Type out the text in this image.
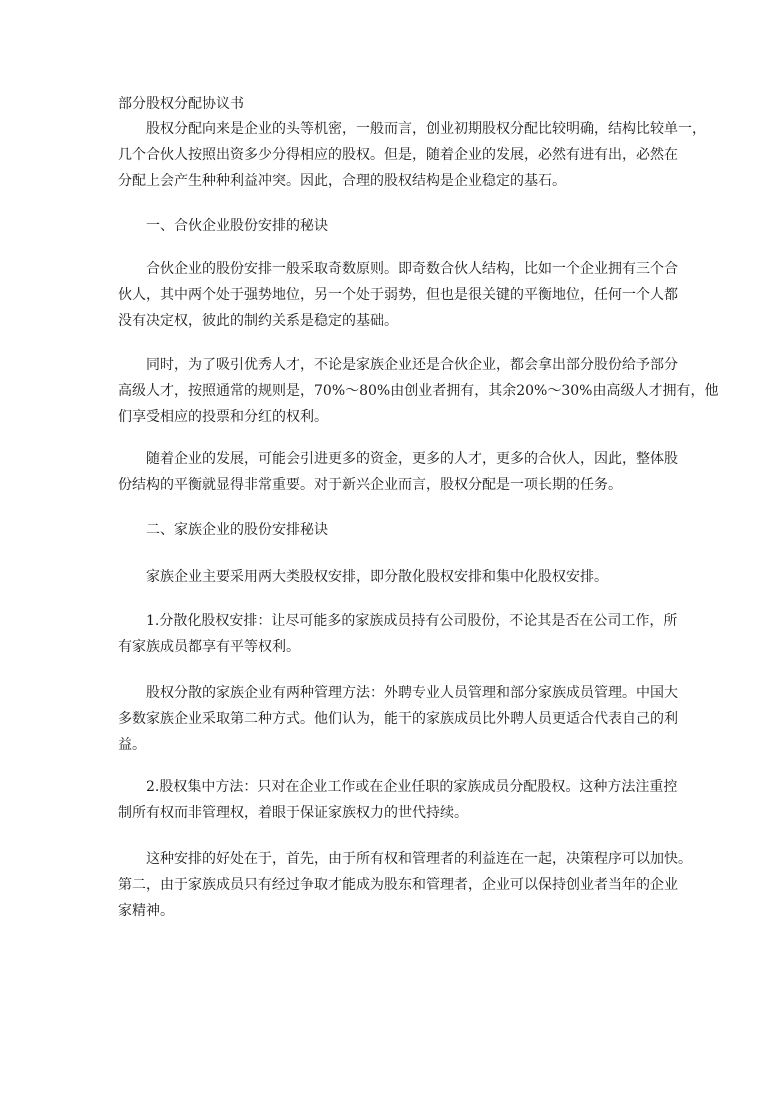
部分股权分配协议书
股权分配向来是企业的头等机密，一般而言，创业初期股权分配比较明确，结构比较单一，
几个合伙人按照出资多少分得相应的股权。但是，随着企业的发展，必然有进有出，必然在
分配上会产生种种利益冲突。因此，合理的股权结构是企业稳定的基石。
一、合伙企业股份安排的秘诀
合伙企业的股份安排一般采取奇数原则。即奇数合伙人结构，比如一个企业拥有三个合
伙人，其中两个处于强势地位，另一个处于弱势，但也是很关键的平衡地位，任何一个人都
没有决定权，彼此的制约关系是稳定的基础。
同时，为了吸引优秀人才，不论是家族企业还是合伙企业，都会拿出部分股份给予部分
高级人才，按照通常的规则是，70%～80%由创业者拥有，其余20%～30%由高级人才拥有，他
们享受相应的投票和分红的权利。
随着企业的发展，可能会引进更多的资金，更多的人才，更多的合伙人，因此，整体股
份结构的平衡就显得非常重要。对于新兴企业而言，股权分配是一项长期的任务。
二、家族企业的股份安排秘诀
家族企业主要采用两大类股权安排，即分散化股权安排和集中化股权安排。
1.分散化股权安排：让尽可能多的家族成员持有公司股份，不论其是否在公司工作，所
有家族成员都享有平等权利。
股权分散的家族企业有两种管理方法：外聘专业人员管理和部分家族成员管理。中国大
多数家族企业采取第二种方式。他们认为，能干的家族成员比外聘人员更适合代表自己的利
益。
2.股权集中方法：只对在企业工作或在企业任职的家族成员分配股权。这种方法注重控
制所有权而非管理权，着眼于保证家族权力的世代持续。
这种安排的好处在于，首先，由于所有权和管理者的利益连在一起，决策程序可以加快。
第二，由于家族成员只有经过争取才能成为股东和管理者，企业可以保持创业者当年的企业
家精神。
